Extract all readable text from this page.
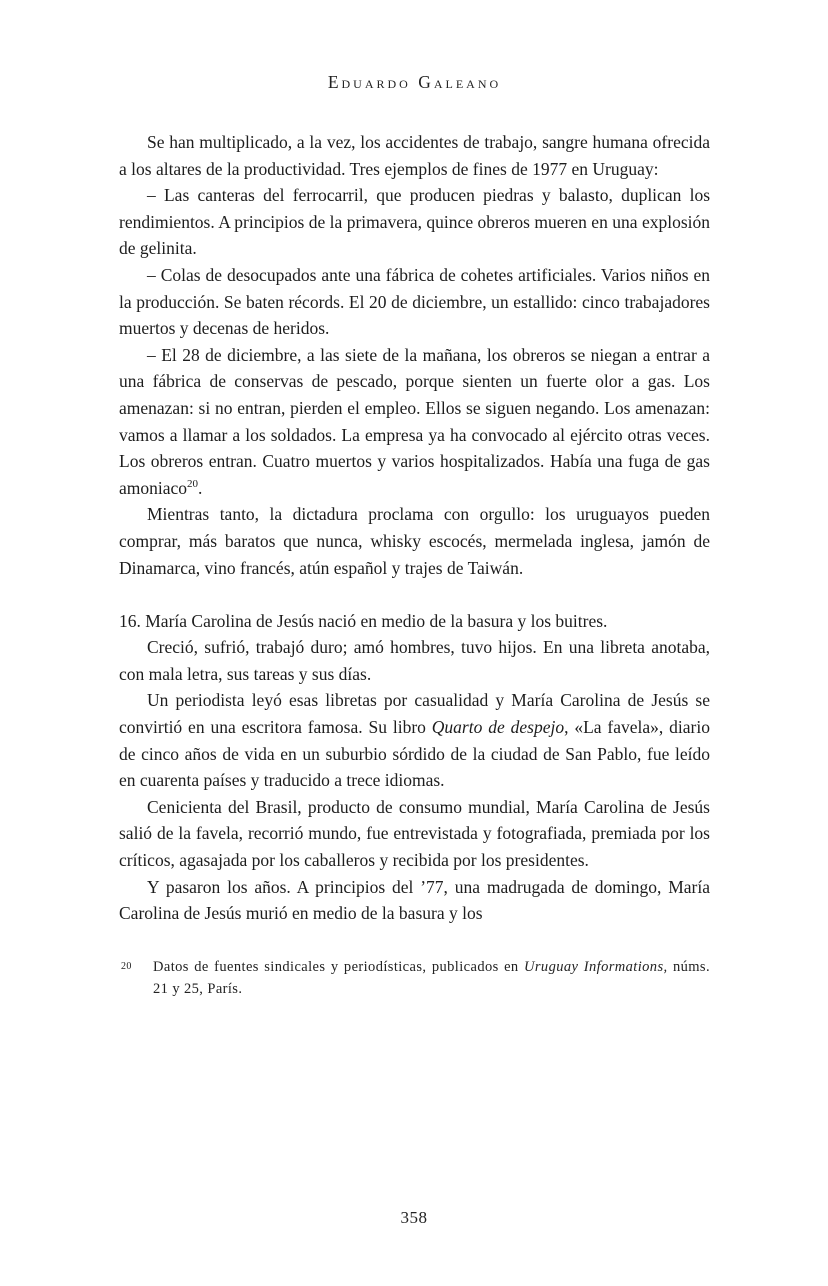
Eduardo Galeano

Se han multiplicado, a la vez, los accidentes de trabajo, sangre humana ofrecida a los altares de la productividad. Tres ejemplos de fines de 1977 en Uruguay:

– Las canteras del ferrocarril, que producen piedras y balasto, duplican los rendimientos. A principios de la primavera, quince obreros mueren en una explosión de gelinita.

– Colas de desocupados ante una fábrica de cohetes artificiales. Varios niños en la producción. Se baten récords. El 20 de diciembre, un estallido: cinco trabajadores muertos y decenas de heridos.

– El 28 de diciembre, a las siete de la mañana, los obreros se niegan a entrar a una fábrica de conservas de pescado, porque sienten un fuerte olor a gas. Los amenazan: si no entran, pierden el empleo. Ellos se siguen negando. Los amenazan: vamos a llamar a los soldados. La empresa ya ha convocado al ejército otras veces. Los obreros entran. Cuatro muertos y varios hospitalizados. Había una fuga de gas amoniaco$^{20}$.

Mientras tanto, la dictadura proclama con orgullo: los uruguayos pueden comprar, más baratos que nunca, whisky escocés, mermelada inglesa, jamón de Dinamarca, vino francés, atún español y trajes de Taiwán.

16. María Carolina de Jesús nació en medio de la basura y los buitres.

Creció, sufrió, trabajó duro; amó hombres, tuvo hijos. En una libreta anotaba, con mala letra, sus tareas y sus días.

Un periodista leyó esas libretas por casualidad y María Carolina de Jesús se convirtió en una escritora famosa. Su libro Quarto de despejo, «La favela», diario de cinco años de vida en un suburbio sórdido de la ciudad de San Pablo, fue leído en cuarenta países y traducido a trece idiomas.

Cenicienta del Brasil, producto de consumo mundial, María Carolina de Jesús salió de la favela, recorrió mundo, fue entrevistada y fotografiada, premiada por los críticos, agasajada por los caballeros y recibida por los presidentes.

Y pasaron los años. A principios del ’77, una madrugada de domingo, María Carolina de Jesús murió en medio de la basura y los

20 Datos de fuentes sindicales y periodísticas, publicados en Uruguay Informations, núms. 21 y 25, París.
358
